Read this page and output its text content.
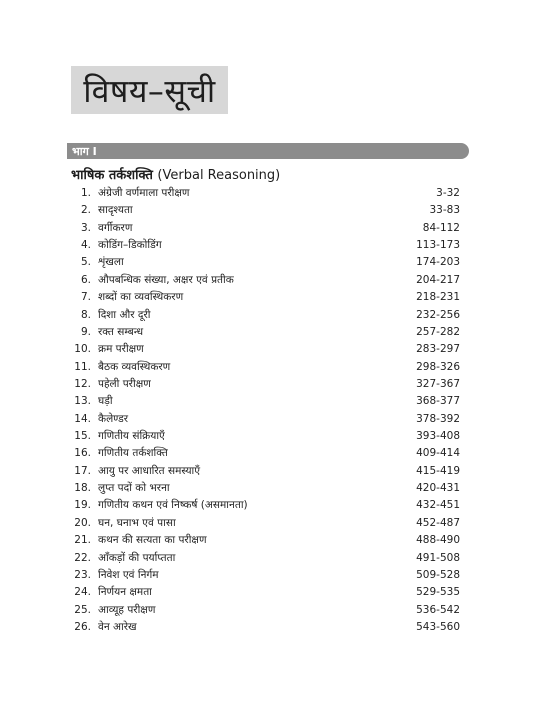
विषय–सूची
भाग I
भाषिक तर्कशक्ति (Verbal Reasoning)
1. अंग्रेजी वर्णमाला परीक्षण	3-32
2. सादृश्यता	33-83
3. वर्गीकरण	84-112
4. कोडिंग–डिकोडिंग	113-173
5. शृंखला	174-203
6. औपबन्धिक संख्या, अक्षर एवं प्रतीक	204-217
7. शब्दों का व्यवस्थिकरण	218-231
8. दिशा और दूरी	232-256
9. रक्त सम्बन्ध	257-282
10. क्रम परीक्षण	283-297
11. बैठक व्यवस्थिकरण	298-326
12. पहेली परीक्षण	327-367
13. घड़ी	368-377
14. कैलेण्डर	378-392
15. गणितीय संक्रियाएँ	393-408
16. गणितीय तर्कशक्ति	409-414
17. आयु पर आधारित समस्याएँ	415-419
18. लुप्त पदों को भरना	420-431
19. गणितीय कथन एवं निष्कर्ष (असमानता)	432-451
20. घन, घनाभ एवं पासा	452-487
21. कथन की सत्यता का परीक्षण	488-490
22. आँकड़ों की पर्याप्तता	491-508
23. निवेश एवं निर्गम	509-528
24. निर्णयन क्षमता	529-535
25. आव्यूह परीक्षण	536-542
26. वेन आरेख	543-560
